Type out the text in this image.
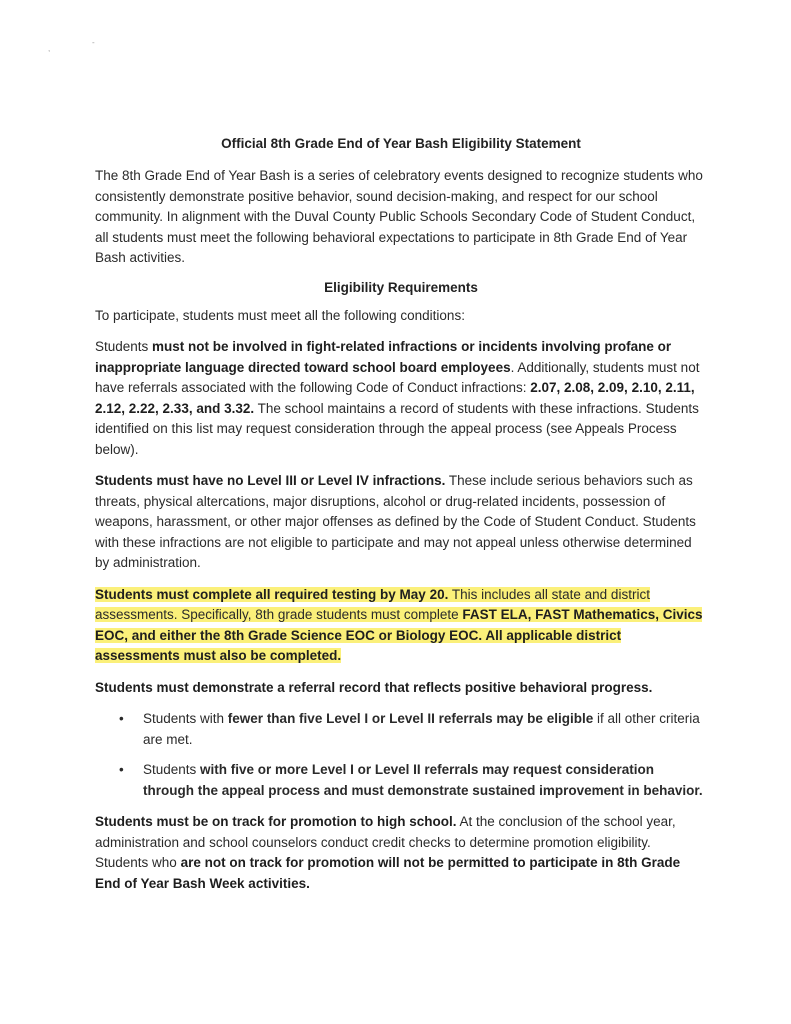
,
-
Official 8th Grade End of Year Bash Eligibility Statement

The 8th Grade End of Year Bash is a series of celebratory events designed to recognize students who consistently demonstrate positive behavior, sound decision-making, and respect for our school community. In alignment with the Duval County Public Schools Secondary Code of Student Conduct, all students must meet the following behavioral expectations to participate in 8th Grade End of Year Bash activities.

Eligibility Requirements

To participate, students must meet all the following conditions:

Students must not be involved in fight-related infractions or incidents involving profane or inappropriate language directed toward school board employees. Additionally, students must not have referrals associated with the following Code of Conduct infractions: 2.07, 2.08, 2.09, 2.10, 2.11, 2.12, 2.22, 2.33, and 3.32. The school maintains a record of students with these infractions. Students identified on this list may request consideration through the appeal process (see Appeals Process below).

Students must have no Level III or Level IV infractions. These include serious behaviors such as threats, physical altercations, major disruptions, alcohol or drug-related incidents, possession of weapons, harassment, or other major offenses as defined by the Code of Student Conduct. Students with these infractions are not eligible to participate and may not appeal unless otherwise determined by administration.

Students must complete all required testing by May 20. This includes all state and district assessments. Specifically, 8th grade students must complete FAST ELA, FAST Mathematics, Civics EOC, and either the 8th Grade Science EOC or Biology EOC. All applicable district assessments must also be completed.

Students must demonstrate a referral record that reflects positive behavioral progress.

• Students with fewer than five Level I or Level II referrals may be eligible if all other criteria are met.
• Students with five or more Level I or Level II referrals may request consideration through the appeal process and must demonstrate sustained improvement in behavior.

Students must be on track for promotion to high school. At the conclusion of the school year, administration and school counselors conduct credit checks to determine promotion eligibility. Students who are not on track for promotion will not be permitted to participate in 8th Grade End of Year Bash Week activities.
